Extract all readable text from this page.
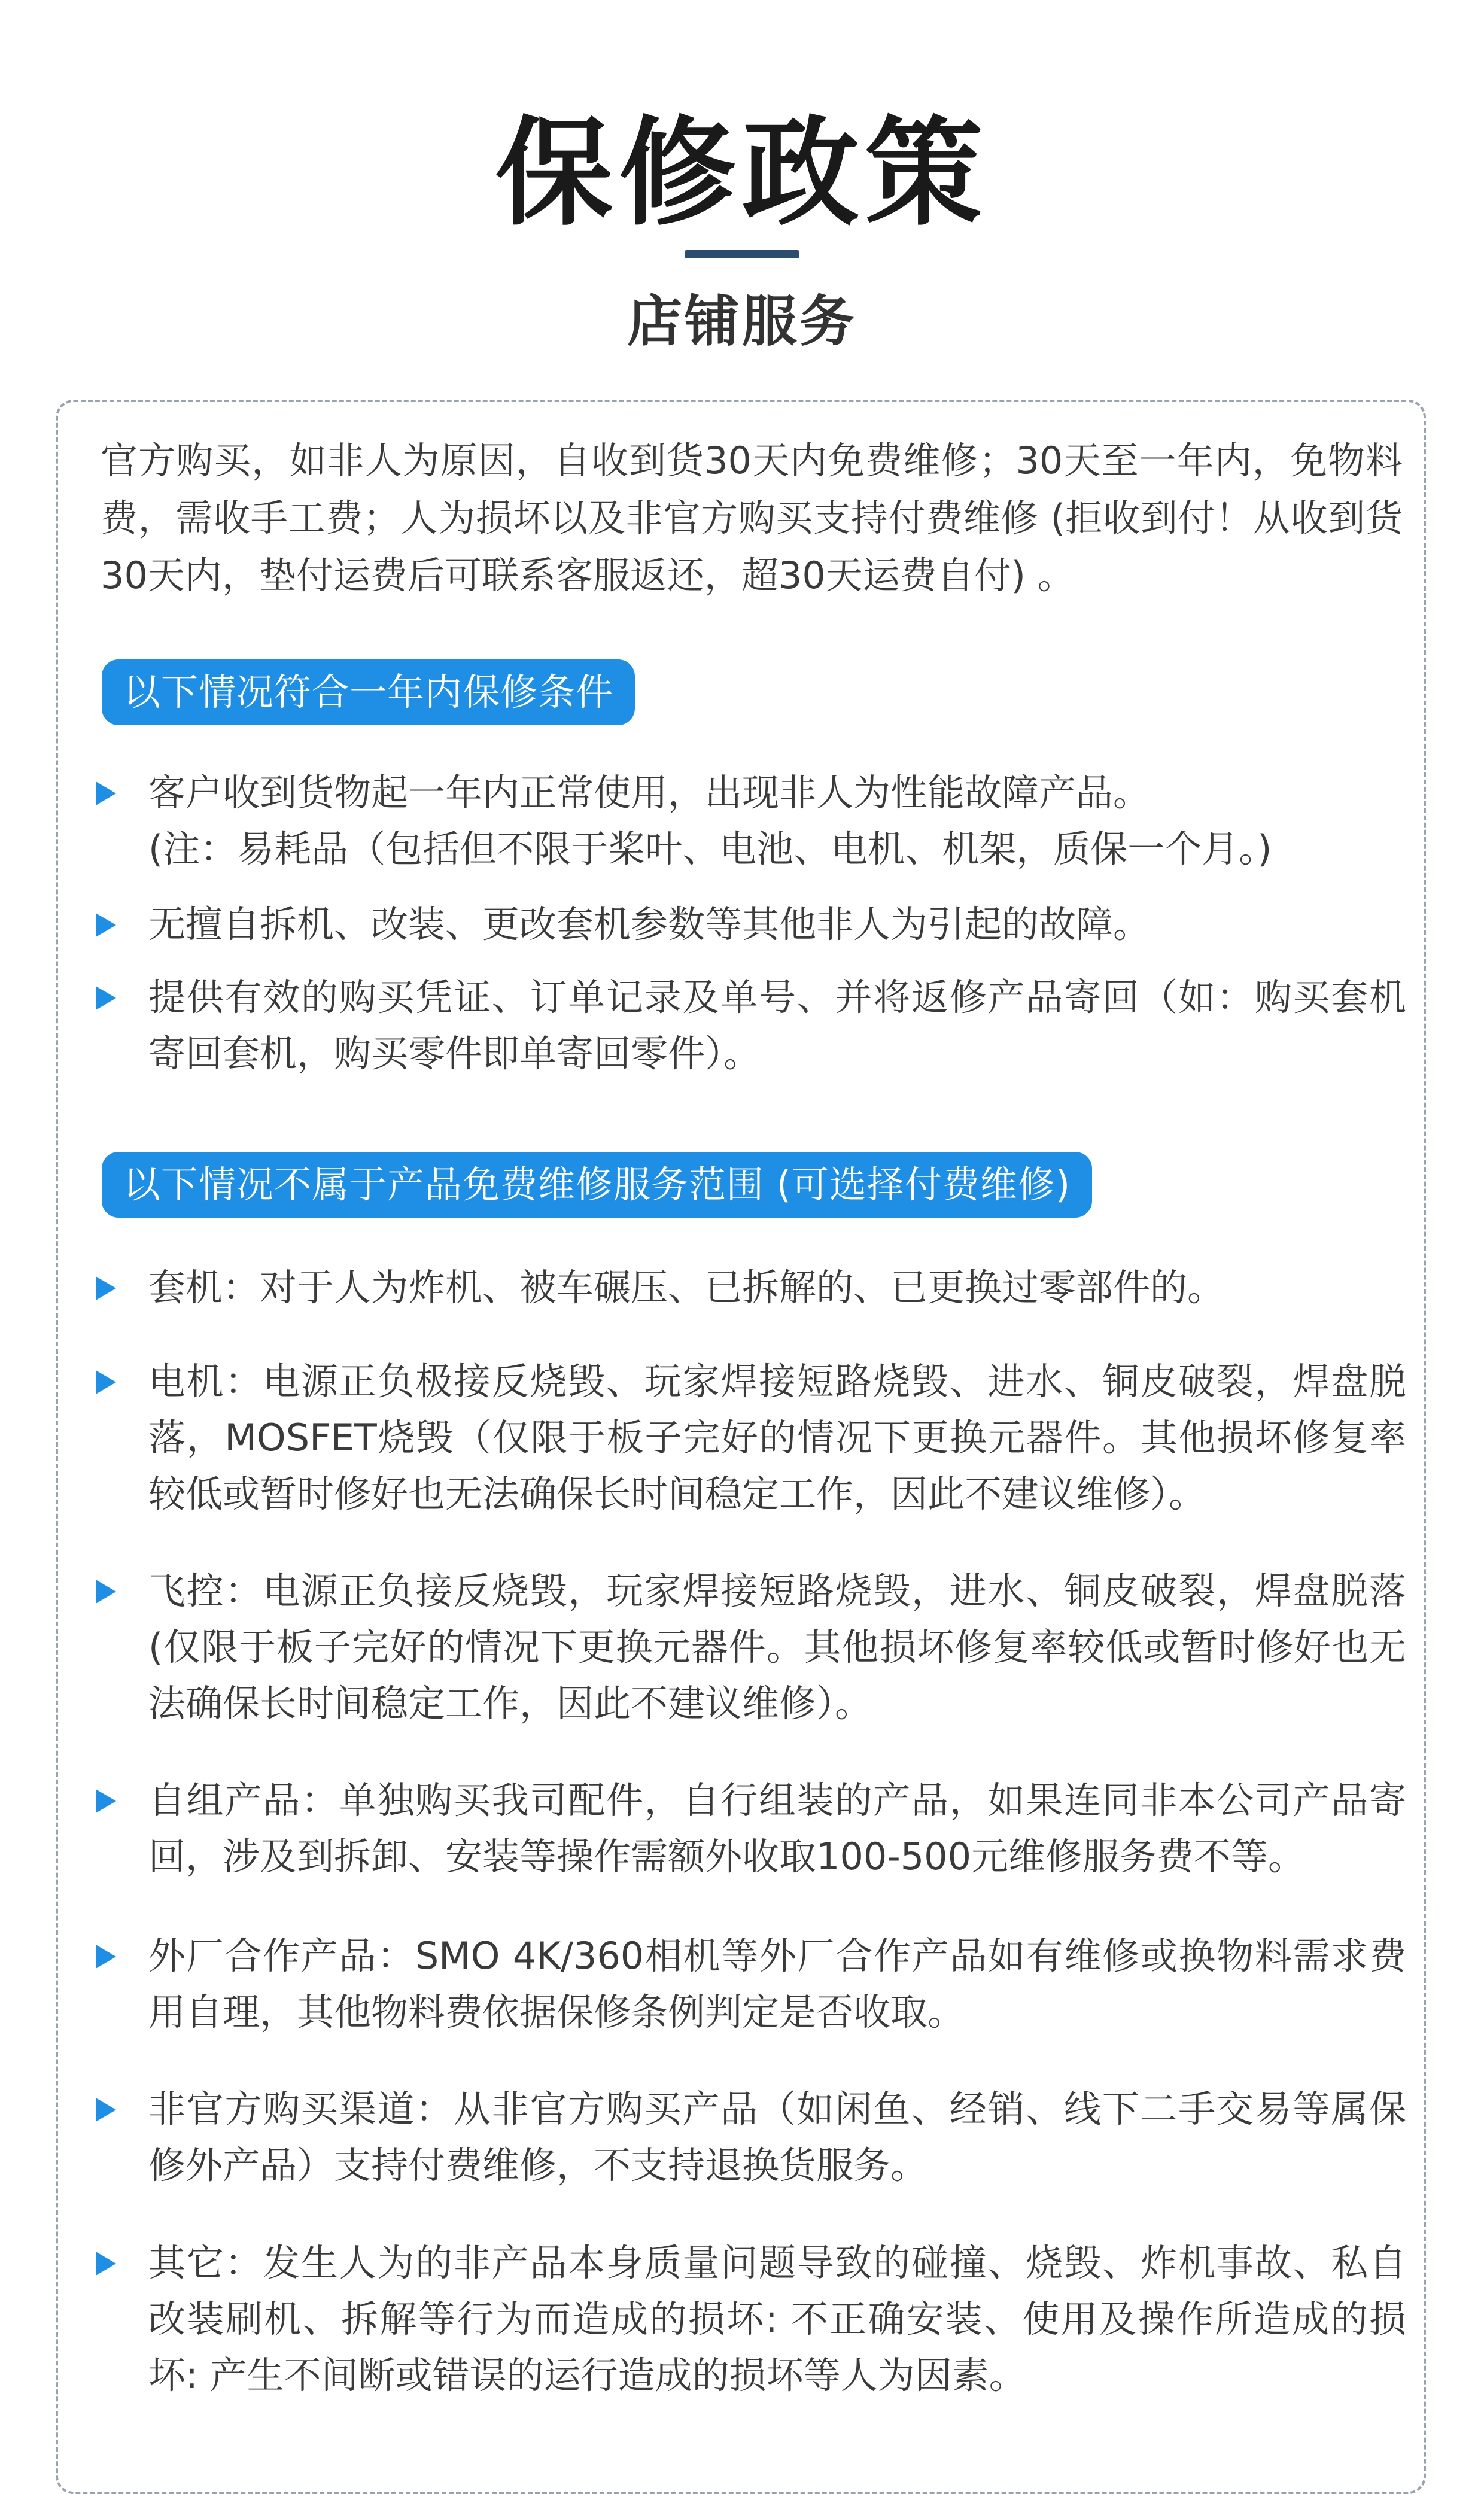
保修政策
店铺服务

官方购买，如非人为原因，自收到货30天内免费维修；30天至一年内，免物料费，需收手工费；人为损坏以及非官方购买支持付费维修 (拒收到付！从收到货30天内，垫付运费后可联系客服返还，超30天运费自付) 。

以下情况符合一年内保修条件
客户收到货物起一年内正常使用，出现非人为性能故障产品。
(注：易耗品（包括但不限于桨叶、电池、电机、机架，质保一个月。)
无擅自拆机、改装、更改套机参数等其他非人为引起的故障。
提供有效的购买凭证、订单记录及单号、并将返修产品寄回（如：购买套机寄回套机，购买零件即单寄回零件）。
以下情况不属于产品免费维修服务范围 (可选择付费维修)
套机：对于人为炸机、被车碾压、已拆解的、已更换过零部件的。
电机：电源正负极接反烧毁、玩家焊接短路烧毁、进水、铜皮破裂，焊盘脱落，MOSFET烧毁（仅限于板子完好的情况下更换元器件。其他损坏修复率较低或暂时修好也无法确保长时间稳定工作，因此不建议维修）。
飞控：电源正负接反烧毁，玩家焊接短路烧毁，进水、铜皮破裂，焊盘脱落 (仅限于板子完好的情况下更换元器件。其他损坏修复率较低或暂时修好也无法确保长时间稳定工作，因此不建议维修）。
自组产品：单独购买我司配件，自行组装的产品，如果连同非本公司产品寄回，涉及到拆卸、安装等操作需额外收取100-500元维修服务费不等。
外厂合作产品：SMO 4K/360相机等外厂合作产品如有维修或换物料需求费用自理，其他物料费依据保修条例判定是否收取。
非官方购买渠道：从非官方购买产品（如闲鱼、经销、线下二手交易等属保修外产品）支持付费维修，不支持退换货服务。
其它：发生人为的非产品本身质量问题导致的碰撞、烧毁、炸机事故、私自改装刷机、拆解等行为而造成的损坏: 不正确安装、使用及操作所造成的损坏: 产生不间断或错误的运行造成的损坏等人为因素。
